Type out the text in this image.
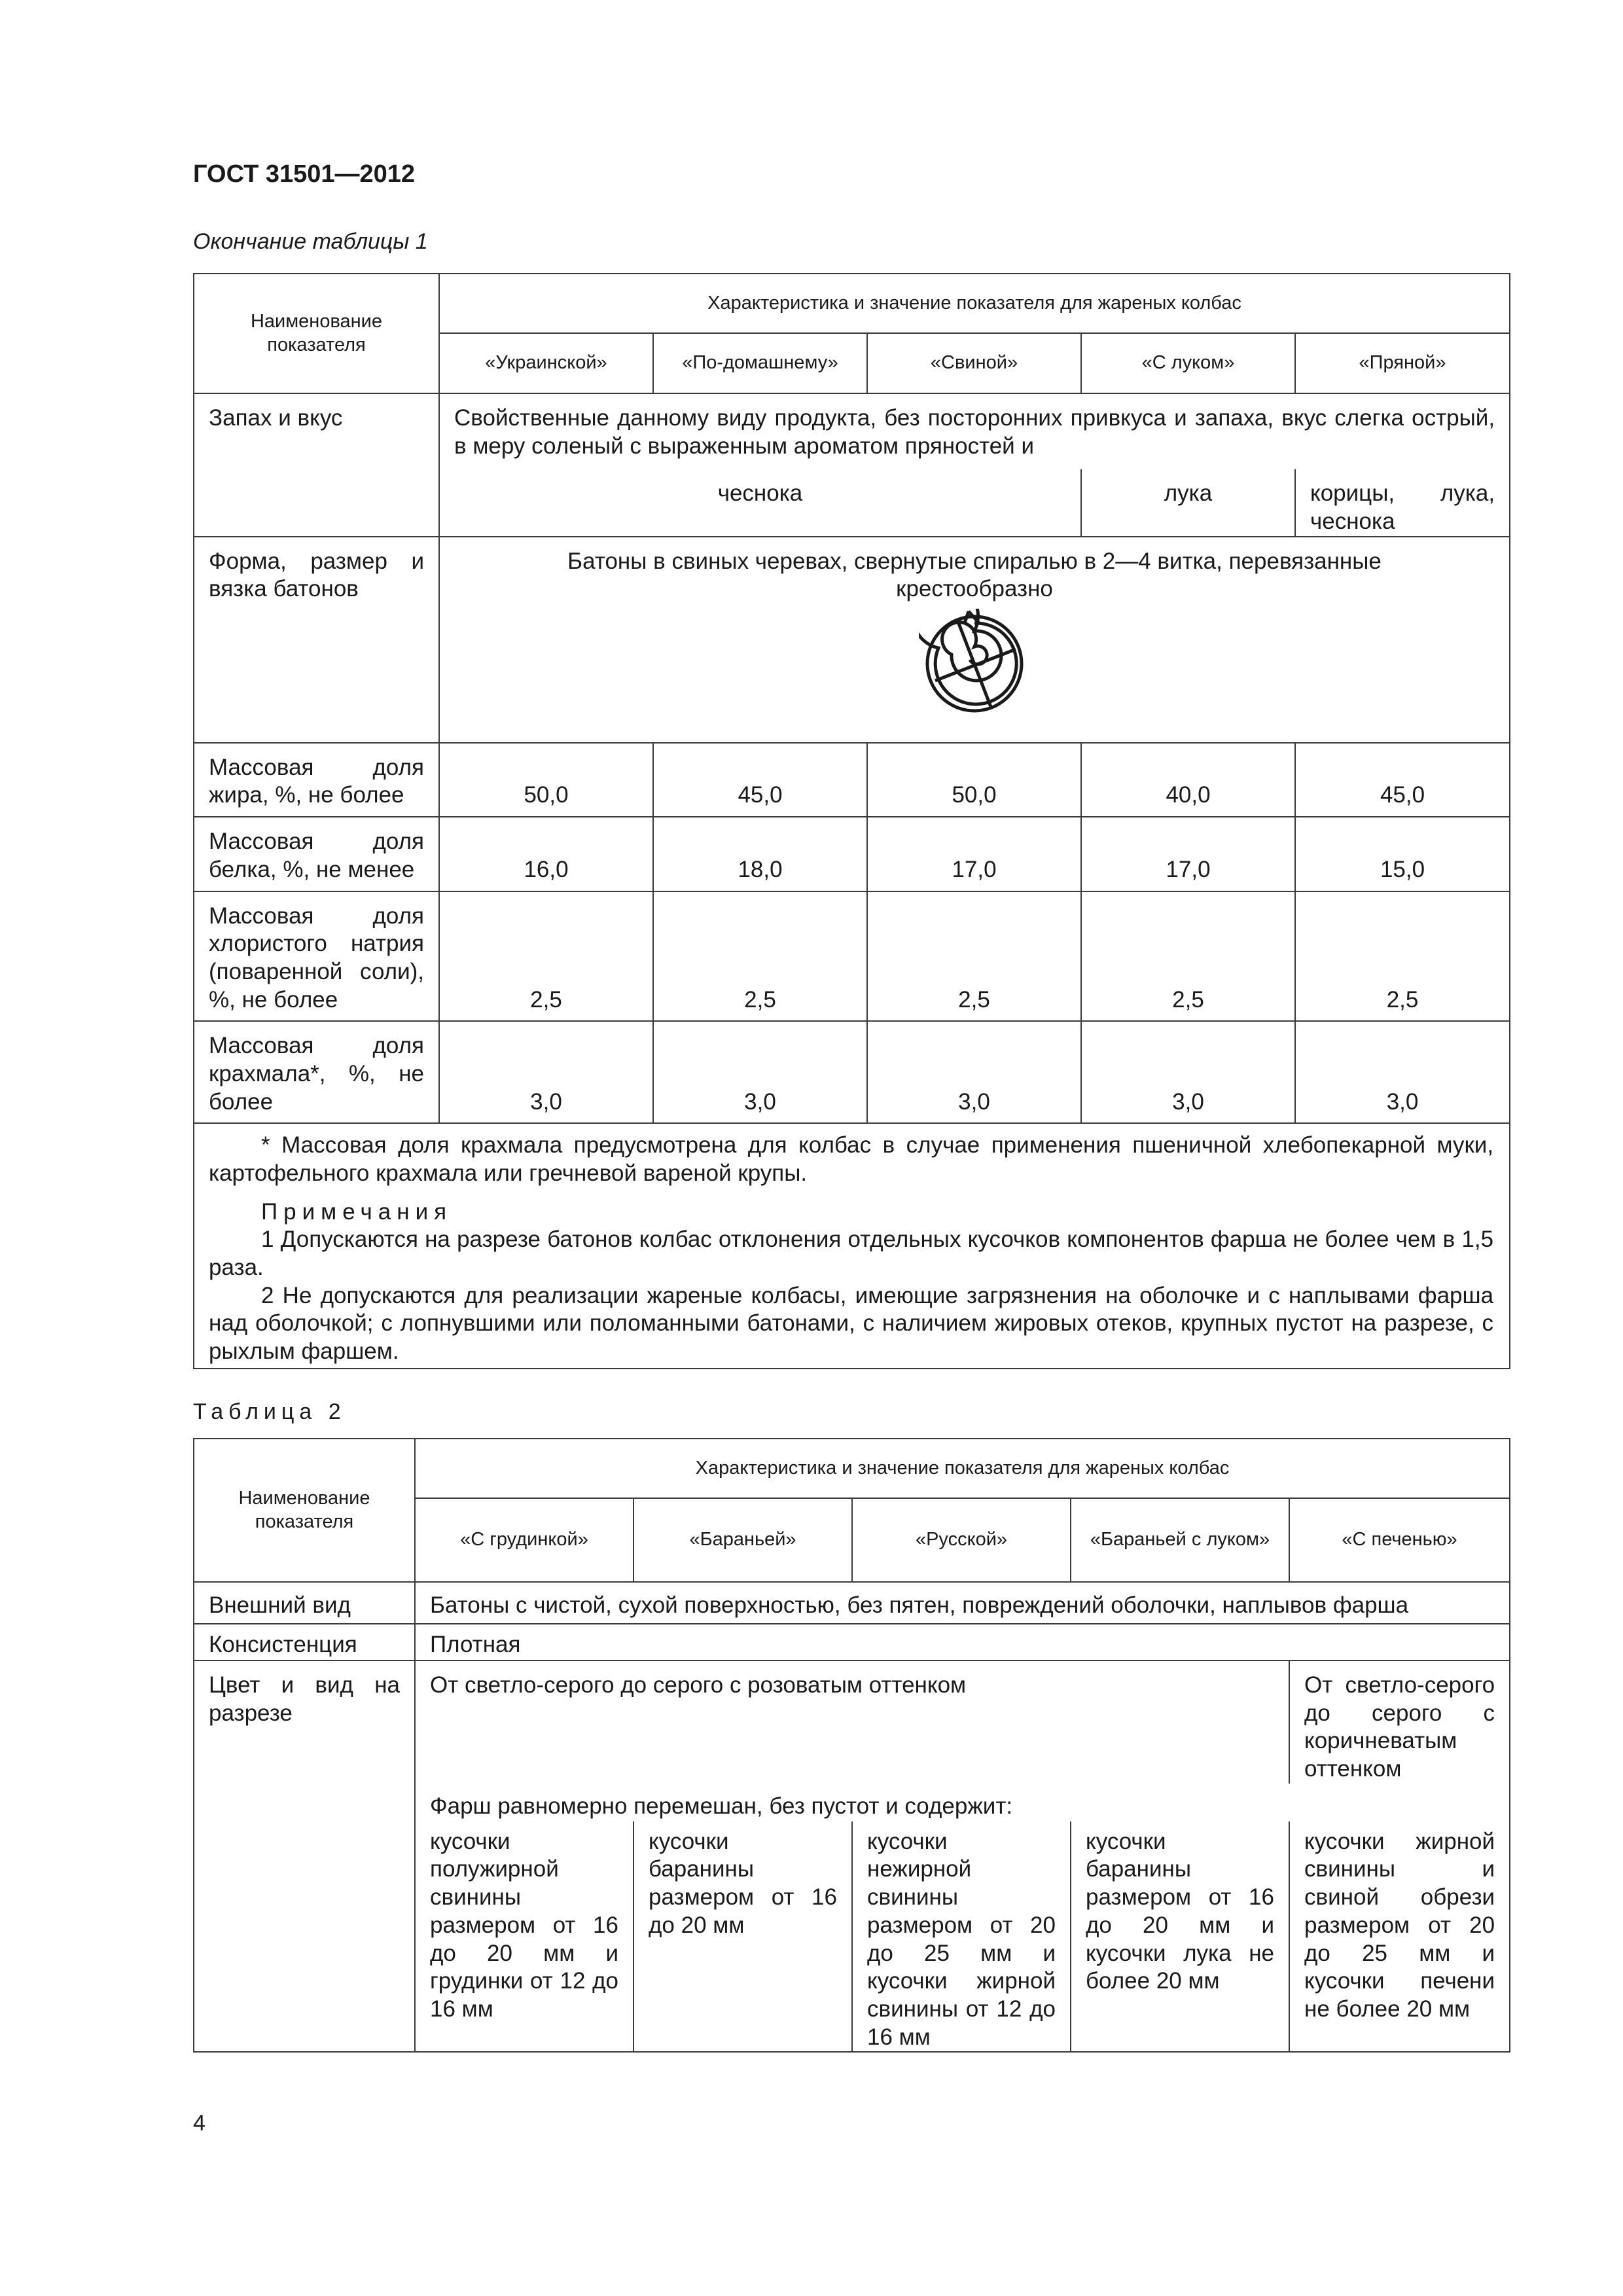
ГОСТ 31501—2012
Окончание таблицы 1
Наименование показателя	Характеристика и значение показателя для жареных колбас				
	«Украинской»	«По-домашнему»	«Свиной»	«С луком»	«Пряной»
Запах и вкус	Свойственные данному виду продукта, без посторонних привкуса и запаха, вкус слегка острый, в меру соленый с выраженным ароматом пряностей и				
	чеснока			лука	корицы, лука, чеснока
Форма, размер и вязка батонов	Батоны в свиных черевах, свернутые спиралью в 2—4 витка, перевязанные крестообразно				

Массовая доля жира, %, не более	50,0	45,0	50,0	40,0	45,0
Массовая доля белка, %, не менее	16,0	18,0	17,0	17,0	15,0
Массовая доля хлористого натрия (поваренной соли), %, не более	2,5	2,5	2,5	2,5	2,5
Массовая доля крахмала*, %, не более	3,0	3,0	3,0	3,0	3,0

* Массовая доля крахмала предусмотрена для колбас в случае применения пшеничной хлебопекарной муки, картофельного крахмала или гречневой вареной крупы.

Примечания

1 Допускаются на разрезе батонов колбас отклонения отдельных кусочков компонентов фарша не более чем в 1,5 раза.

2 Не допускаются для реализации жареные колбасы, имеющие загрязнения на оболочке и с наплывами фарша над оболочкой; с лопнувшими или поломанными батонами, с наличием жировых отеков, крупных пустот на разрезе, с рыхлым фаршем.					

Таблица 2
Наименование показателя	Характеристика и значение показателя для жареных колбас				
	«С грудинкой»	«Бараньей»	«Русской»	«Бараньей с луком»	«С печенью»
Внешний вид	Батоны с чистой, сухой поверхностью, без пятен, повреждений оболочки, наплывов фарша				
Консистенция	Плотная				
Цвет и вид на разрезе	От светло-серого до серого с розоватым оттенком				От светло-серого до серого с коричневатым оттенком
	Фарш равномерно перемешан, без пустот и содержит:				
	кусочки полужирной свинины размером от 16 до 20 мм и грудинки от 12 до 16 мм	кусочки баранины размером от 16 до 20 мм	кусочки нежирной свинины размером от 20 до 25 мм и кусочки жирной свинины от 12 до 16 мм	кусочки баранины размером от 16 до 20 мм и кусочки лука не более 20 мм	кусочки жирной свинины и свиной обрези размером от 20 до 25 мм и кусочки печени не более 20 мм
4
